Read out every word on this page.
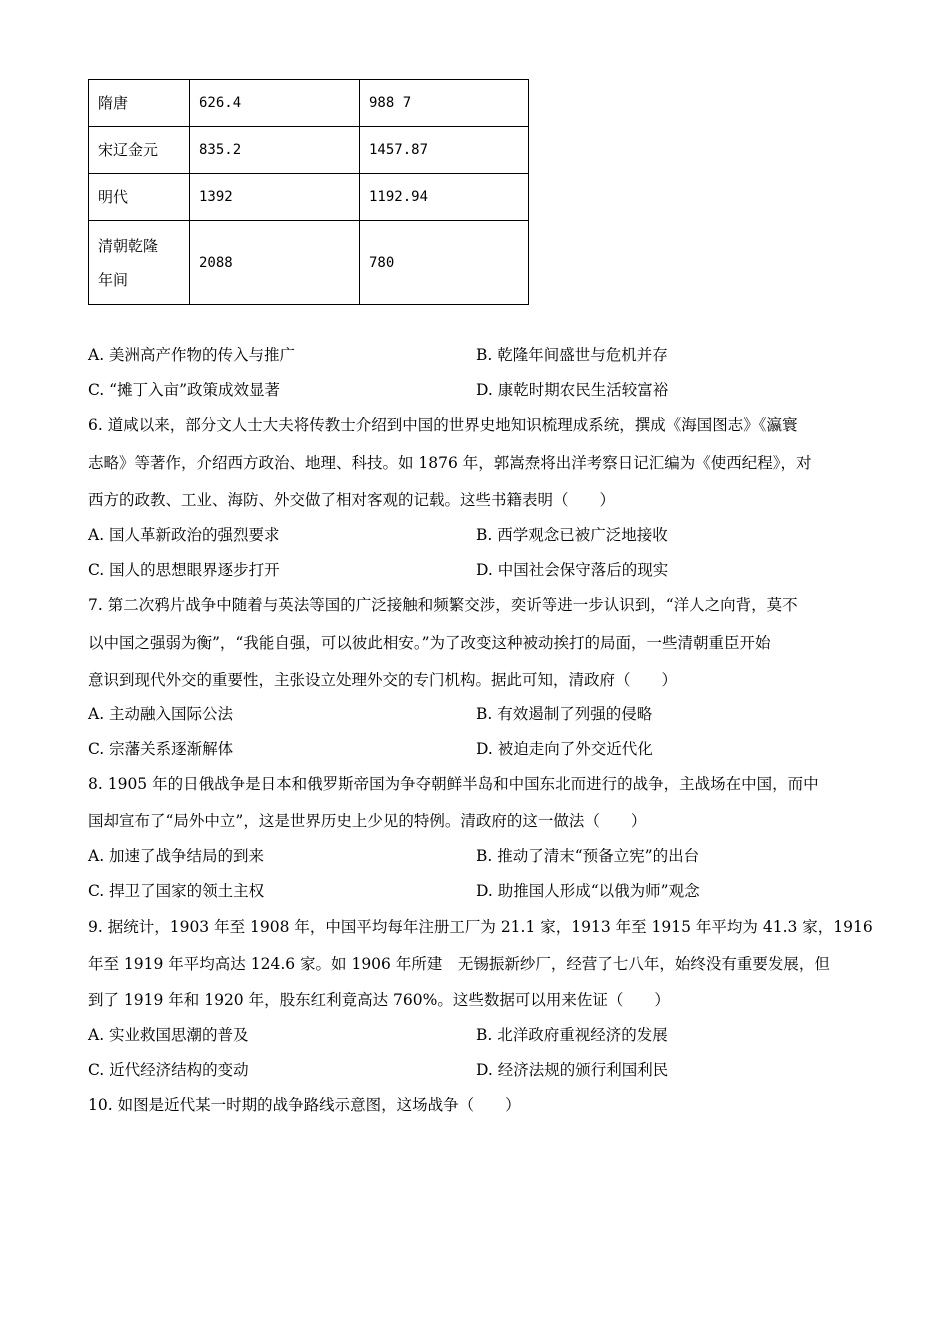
隋唐	626.4	988 7
宋辽金元	835.2	1457.87
明代	1392	1192.94
清朝乾隆
年间	2088	780
A. 美洲高产作物的传入与推广	B. 乾隆年间盛世与危机并存
C. “摊丁入亩”政策成效显著	D. 康乾时期农民生活较富裕
6. 道咸以来，部分文人士大夫将传教士介绍到中国的世界史地知识梳理成系统，撰成《海国图志》《瀛寰
志略》等著作，介绍西方政治、地理、科技。如 1876 年，郭嵩焘将出洋考察日记汇编为《使西纪程》，对
西方的政教、工业、海防、外交做了相对客观的记载。这些书籍表明（　　）
A. 国人革新政治的强烈要求	B. 西学观念已被广泛地接收
C. 国人的思想眼界逐步打开	D. 中国社会保守落后的现实
7. 第二次鸦片战争中随着与英法等国的广泛接触和频繁交涉，奕䜣等进一步认识到，“洋人之向背，莫不
以中国之强弱为衡”，“我能自强，可以彼此相安。”为了改变这种被动挨打的局面，一些清朝重臣开始
意识到现代外交的重要性，主张设立处理外交的专门机构。据此可知，清政府（　　）
A. 主动融入国际公法	B. 有效遏制了列强的侵略
C. 宗藩关系逐渐解体	D. 被迫走向了外交近代化
8. 1905 年的日俄战争是日本和俄罗斯帝国为争夺朝鲜半岛和中国东北而进行的战争，主战场在中国，而中
国却宣布了“局外中立”，这是世界历史上少见的特例。清政府的这一做法（　　）
A. 加速了战争结局的到来	B. 推动了清末“预备立宪”的出台
C. 捍卫了国家的领土主权	D. 助推国人形成“以俄为师”观念
9. 据统计，1903 年至 1908 年，中国平均每年注册工厂为 21.1 家，1913 年至 1915 年平均为 41.3 家，1916
年至 1919 年平均高达 124.6 家。如 1906 年所建　无锡振新纱厂，经营了七八年，始终没有重要发展，但
到了 1919 年和 1920 年，股东红利竟高达 760%。这些数据可以用来佐证（　　）
A. 实业救国思潮的普及	B. 北洋政府重视经济的发展
C. 近代经济结构的变动	D. 经济法规的颁行利国利民
10. 如图是近代某一时期的战争路线示意图，这场战争（　　）
